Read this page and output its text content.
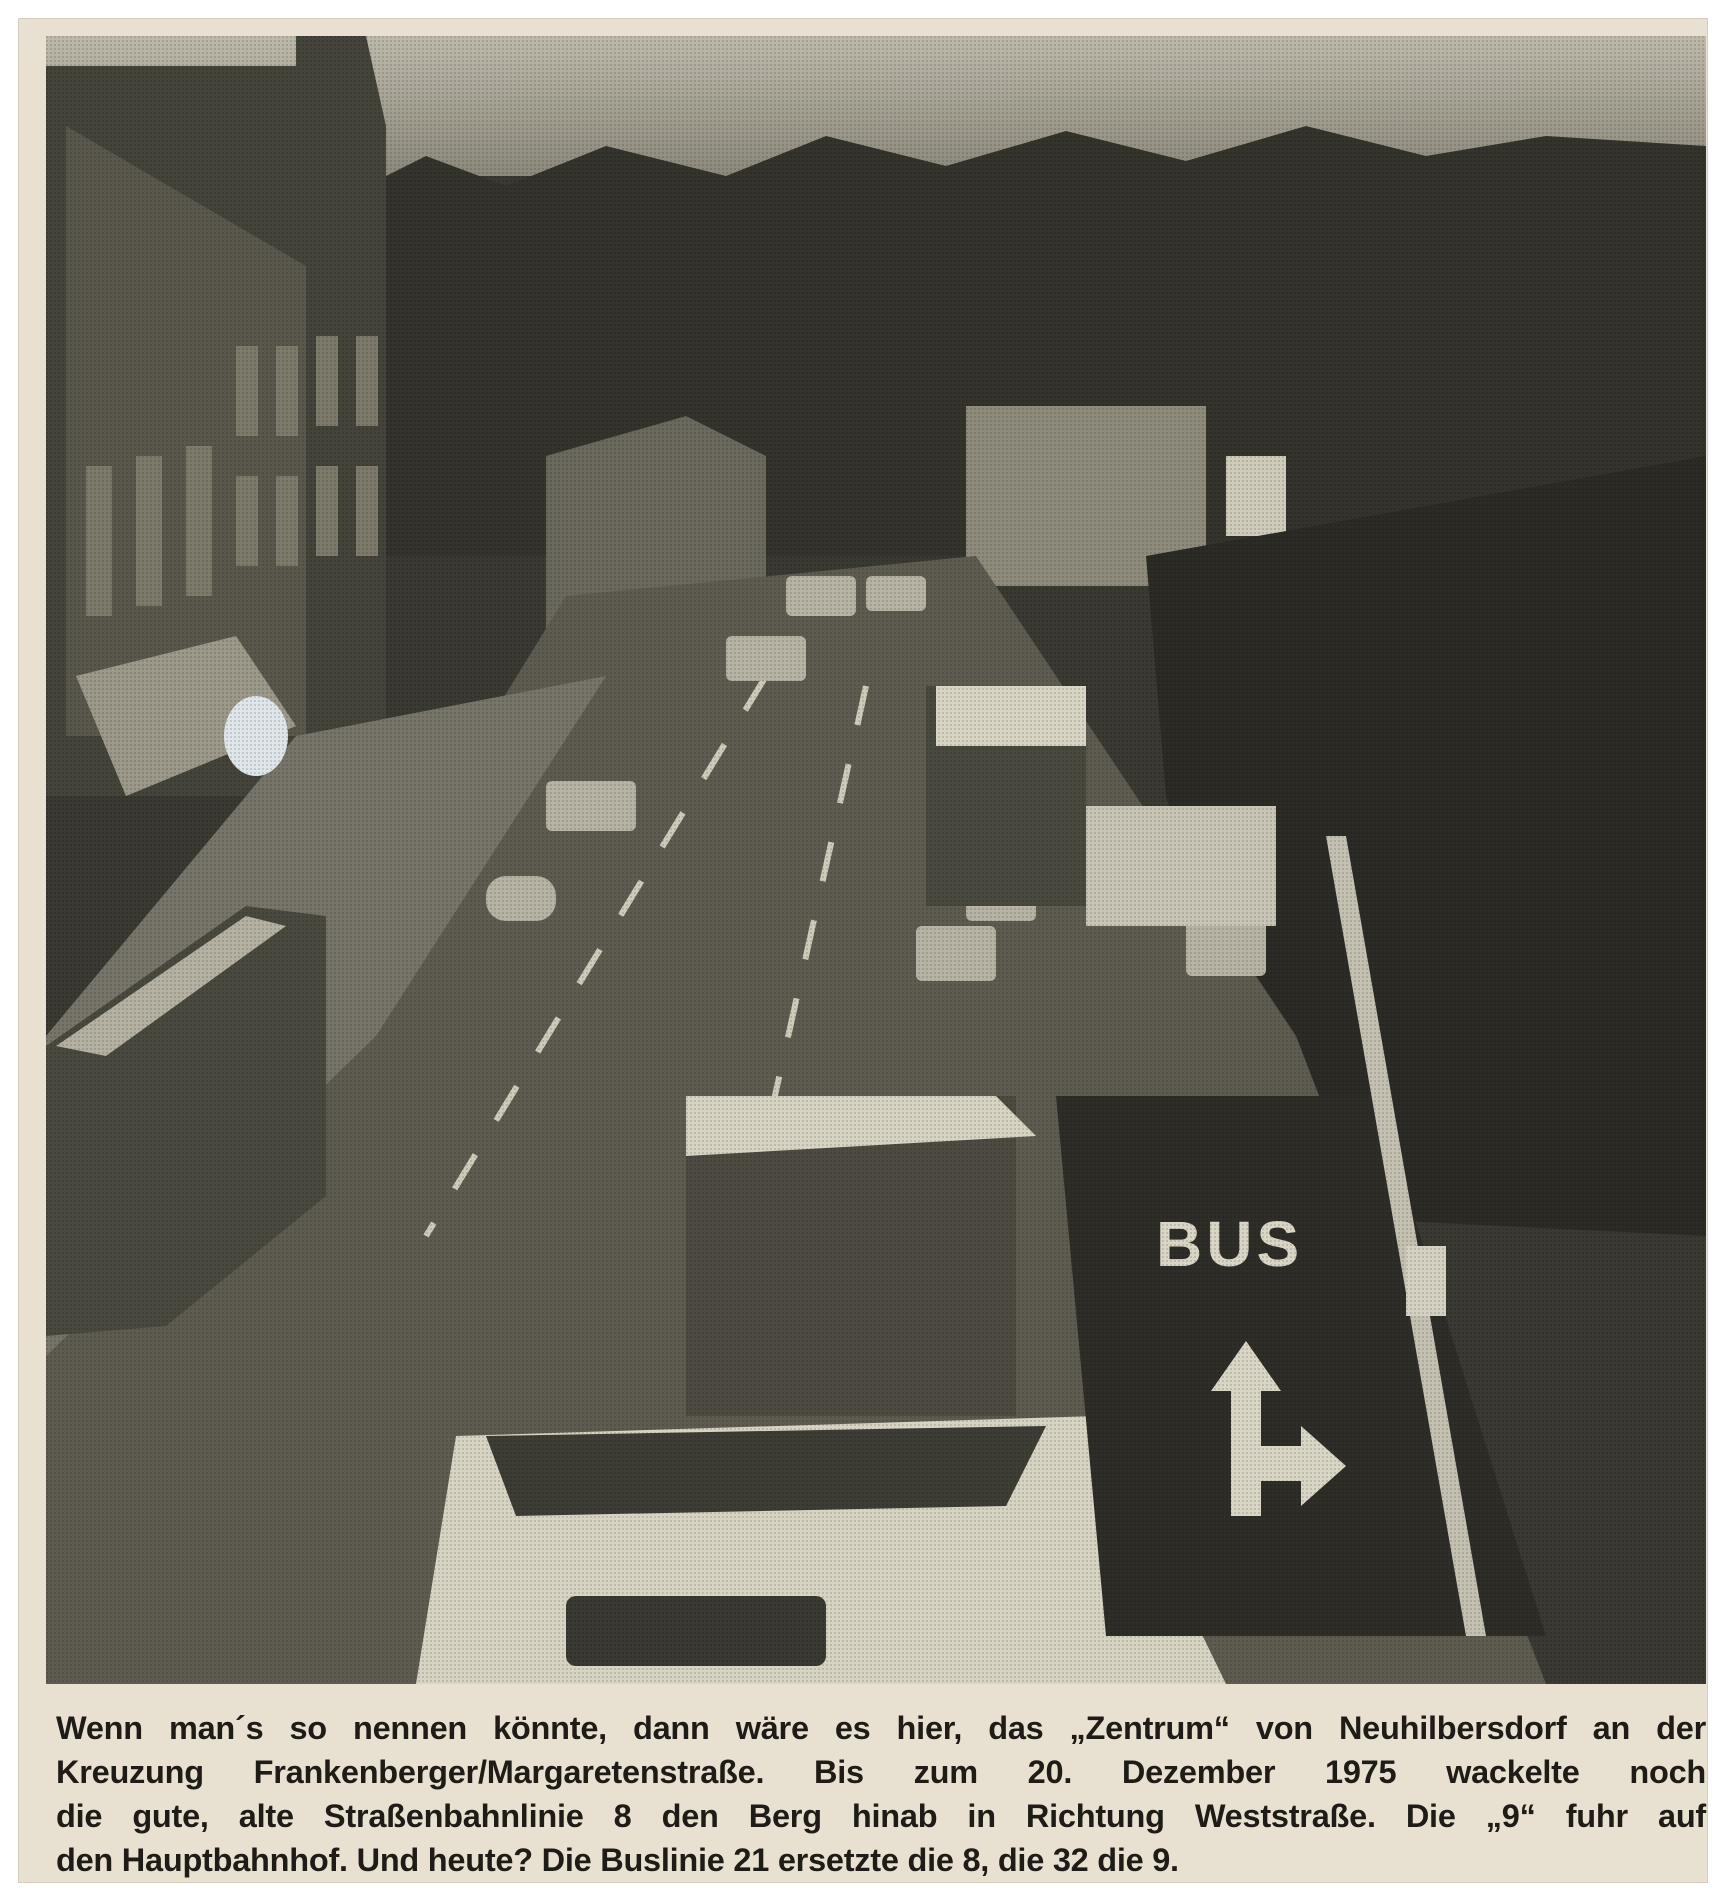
Wenn man´s so nennen könnte, dann wäre es hier, das „Zentrum“ von Neuhilbersdorf an der
Kreuzung Frankenberger/Margaretenstraße. Bis zum 20. Dezember 1975 wackelte noch
die gute, alte Straßenbahnlinie 8 den Berg hinab in Richtung Weststraße. Die „9“ fuhr auf
den Hauptbahnhof. Und heute? Die Buslinie 21 ersetzte die 8, die 32 die 9.
